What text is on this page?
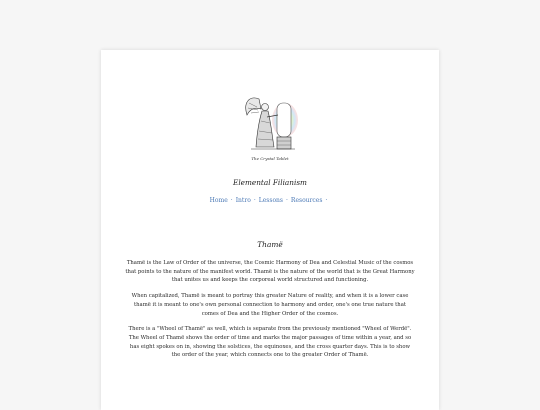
The Crystal Tablet
Elemental Filianism
Home · Intro · Lessons · Resources ·
Thamë

Thamë is the Law of Order of the universe, the Cosmic Harmony of Dea and Celestial Music of the cosmos that points to the nature of the manifest world. Thamë is the nature of the world that is the Great Harmony that unites us and keeps the corporeal world structured and functioning.

When capitalized, Thamë is meant to portray this greater Nature of reality, and when it is a lower case thamë it is meant to one's own personal connection to harmony and order, one's one true nature that comes of Dea and the Higher Order of the cosmos.

There is a "Wheel of Thamë" as well, which is separate from the previously mentioned "Wheel of Werdë". The Wheel of Thamë shows the order of time and marks the major passages of time within a year, and so has eight spokes on in, showing the solstices, the equinoxes, and the cross quarter days. This is to show the order of the year, which connects one to the greater Order of Thamë.
